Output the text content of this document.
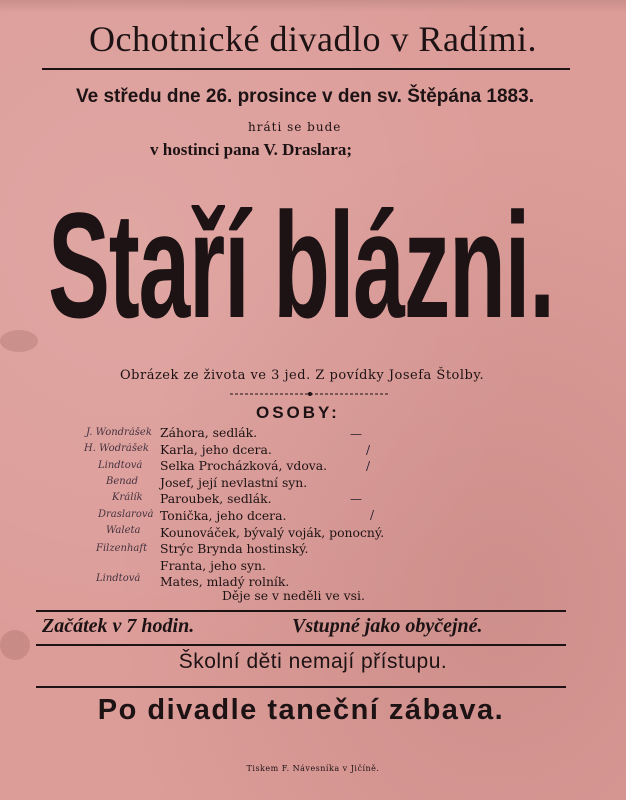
Ochotnické divadlo v Radími.
Ve středu dne 26. prosince v den sv. Štěpána 1883.
hráti se bude
v hostinci pana V. Draslara;
Staří blázni.
Obrázek ze života ve 3 jed. Z povídky Josefa Štolby.
OSOBY:
Záhora, sedlák.
Karla, jeho dcera.
Selka Procházková, vdova.
Josef, její nevlastní syn.
Paroubek, sedlák.
Tonička, jeho dcera.
Kounováček, bývalý voják, ponocný.
Strýc Brynda hostinský.
Franta, jeho syn.
Mates, mladý rolník.
J. Wondrášek
H. Wodrášek
Lindtová
Benad
Králík
Draslarová
Waleta
Filzenhaft
Lindtová
—
/
/
—
/
Děje se v neděli ve vsi.
Začátek v 7 hodin.	Vstupné jako obyčejné.
Školní děti nemají přístupu.
Po divadle taneční zábava.
Tiskem F. Návesníka v Jičíně.
